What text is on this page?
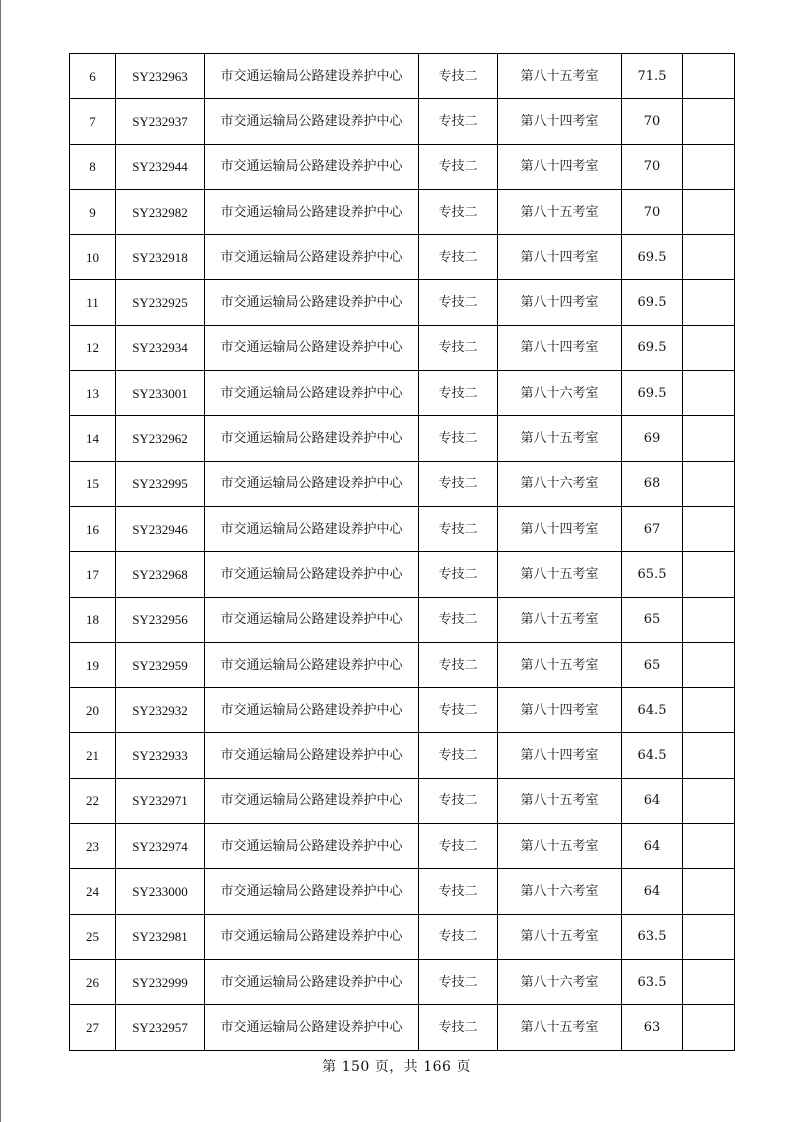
6	SY232963	市交通运输局公路建设养护中心	专技二	第八十五考室	71.5	
7	SY232937	市交通运输局公路建设养护中心	专技二	第八十四考室	70	
8	SY232944	市交通运输局公路建设养护中心	专技二	第八十四考室	70	
9	SY232982	市交通运输局公路建设养护中心	专技二	第八十五考室	70	
10	SY232918	市交通运输局公路建设养护中心	专技二	第八十四考室	69.5	
11	SY232925	市交通运输局公路建设养护中心	专技二	第八十四考室	69.5	
12	SY232934	市交通运输局公路建设养护中心	专技二	第八十四考室	69.5	
13	SY233001	市交通运输局公路建设养护中心	专技二	第八十六考室	69.5	
14	SY232962	市交通运输局公路建设养护中心	专技二	第八十五考室	69	
15	SY232995	市交通运输局公路建设养护中心	专技二	第八十六考室	68	
16	SY232946	市交通运输局公路建设养护中心	专技二	第八十四考室	67	
17	SY232968	市交通运输局公路建设养护中心	专技二	第八十五考室	65.5	
18	SY232956	市交通运输局公路建设养护中心	专技二	第八十五考室	65	
19	SY232959	市交通运输局公路建设养护中心	专技二	第八十五考室	65	
20	SY232932	市交通运输局公路建设养护中心	专技二	第八十四考室	64.5	
21	SY232933	市交通运输局公路建设养护中心	专技二	第八十四考室	64.5	
22	SY232971	市交通运输局公路建设养护中心	专技二	第八十五考室	64	
23	SY232974	市交通运输局公路建设养护中心	专技二	第八十五考室	64	
24	SY233000	市交通运输局公路建设养护中心	专技二	第八十六考室	64	
25	SY232981	市交通运输局公路建设养护中心	专技二	第八十五考室	63.5	
26	SY232999	市交通运输局公路建设养护中心	专技二	第八十六考室	63.5	
27	SY232957	市交通运输局公路建设养护中心	专技二	第八十五考室	63	
第 150 页，共 166 页
